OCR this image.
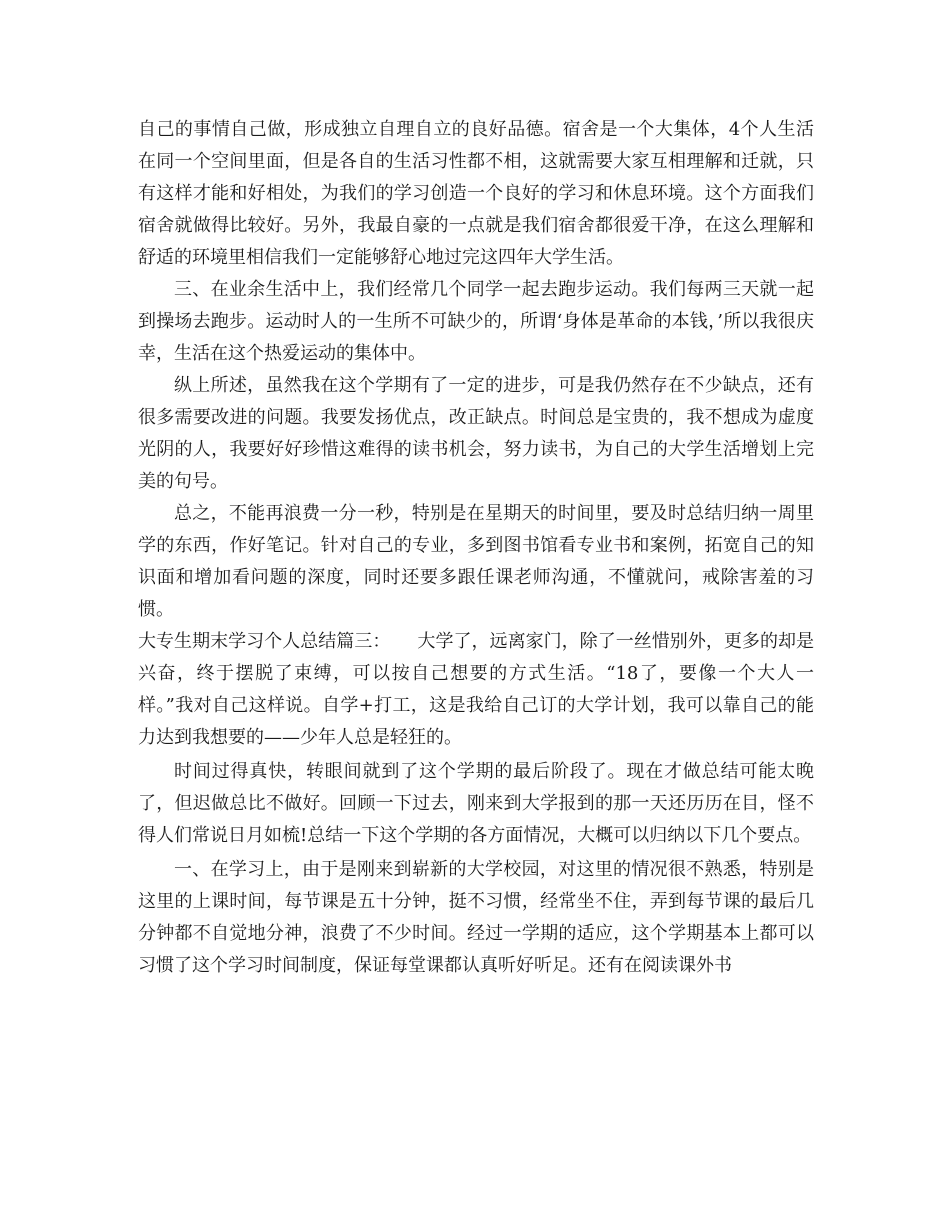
自己的事情自己做，形成独立自理自立的良好品德。宿舍是一个大集体，4个人生活在同一个空间里面，但是各自的生活习性都不相，这就需要大家互相理解和迁就，只有这样才能和好相处，为我们的学习创造一个良好的学习和休息环境。这个方面我们宿舍就做得比较好。另外，我最自豪的一点就是我们宿舍都很爱干净，在这么理解和舒适的环境里相信我们一定能够舒心地过完这四年大学生活。

三、在业余生活中上，我们经常几个同学一起去跑步运动。我们每两三天就一起到操场去跑步。运动时人的一生所不可缺少的，所谓‘身体是革命的本钱，’所以我很庆幸，生活在这个热爱运动的集体中。

纵上所述，虽然我在这个学期有了一定的进步，可是我仍然存在不少缺点，还有很多需要改进的问题。我要发扬优点，改正缺点。时间总是宝贵的，我不想成为虚度光阴的人，我要好好珍惜这难得的读书机会，努力读书，为自己的大学生活增划上完美的句号。

总之，不能再浪费一分一秒，特别是在星期天的时间里，要及时总结归纳一周里学的东西，作好笔记。针对自己的专业，多到图书馆看专业书和案例，拓宽自己的知识面和增加看问题的深度，同时还要多跟任课老师沟通，不懂就问，戒除害羞的习惯。

大专生期末学习个人总结篇三：　　大学了，远离家门，除了一丝惜别外，更多的却是兴奋，终于摆脱了束缚，可以按自己想要的方式生活。“18了，要像一个大人一样。”我对自己这样说。自学+打工，这是我给自己订的大学计划，我可以靠自己的能力达到我想要的——少年人总是轻狂的。

时间过得真快，转眼间就到了这个学期的最后阶段了。现在才做总结可能太晚了，但迟做总比不做好。回顾一下过去，刚来到大学报到的那一天还历历在目，怪不得人们常说日月如梳!总结一下这个学期的各方面情况，大概可以归纳以下几个要点。

一、在学习上，由于是刚来到崭新的大学校园，对这里的情况很不熟悉，特别是这里的上课时间，每节课是五十分钟，挺不习惯，经常坐不住，弄到每节课的最后几分钟都不自觉地分神，浪费了不少时间。经过一学期的适应，这个学期基本上都可以习惯了这个学习时间制度，保证每堂课都认真听好听足。还有在阅读课外书
